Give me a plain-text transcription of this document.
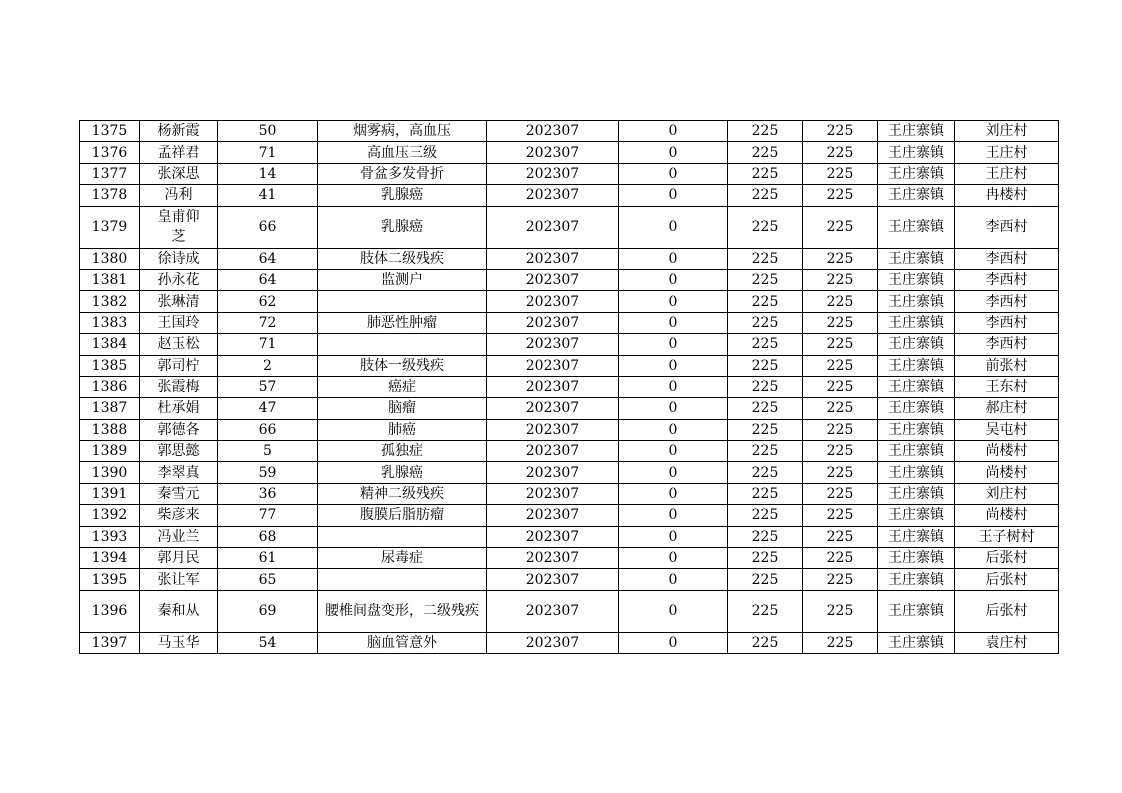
1375	杨新霞	50	烟雾病，高血压	202307	0	225	225	王庄寨镇	刘庄村
1376	孟祥君	71	高血压三级	202307	0	225	225	王庄寨镇	王庄村
1377	张深思	14	骨盆多发骨折	202307	0	225	225	王庄寨镇	王庄村
1378	冯利	41	乳腺癌	202307	0	225	225	王庄寨镇	冉楼村
1379	皇甫仰芝	66	乳腺癌	202307	0	225	225	王庄寨镇	李西村
1380	徐诗成	64	肢体二级残疾	202307	0	225	225	王庄寨镇	李西村
1381	孙永花	64	监测户	202307	0	225	225	王庄寨镇	李西村
1382	张琳清	62		202307	0	225	225	王庄寨镇	李西村
1383	王国玲	72	肺恶性肿瘤	202307	0	225	225	王庄寨镇	李西村
1384	赵玉松	71		202307	0	225	225	王庄寨镇	李西村
1385	郭司柠	2	肢体一级残疾	202307	0	225	225	王庄寨镇	前张村
1386	张霞梅	57	癌症	202307	0	225	225	王庄寨镇	王东村
1387	杜承娟	47	脑瘤	202307	0	225	225	王庄寨镇	郝庄村
1388	郭德各	66	肺癌	202307	0	225	225	王庄寨镇	吴屯村
1389	郭思懿	5	孤独症	202307	0	225	225	王庄寨镇	尚楼村
1390	李翠真	59	乳腺癌	202307	0	225	225	王庄寨镇	尚楼村
1391	秦雪元	36	精神二级残疾	202307	0	225	225	王庄寨镇	刘庄村
1392	柴彦来	77	腹膜后脂肪瘤	202307	0	225	225	王庄寨镇	尚楼村
1393	冯业兰	68		202307	0	225	225	王庄寨镇	王子树村
1394	郭月民	61	尿毒症	202307	0	225	225	王庄寨镇	后张村
1395	张让军	65		202307	0	225	225	王庄寨镇	后张村
1396	秦和从	69	腰椎间盘变形，二级残疾	202307	0	225	225	王庄寨镇	后张村
1397	马玉华	54	脑血管意外	202307	0	225	225	王庄寨镇	袁庄村
